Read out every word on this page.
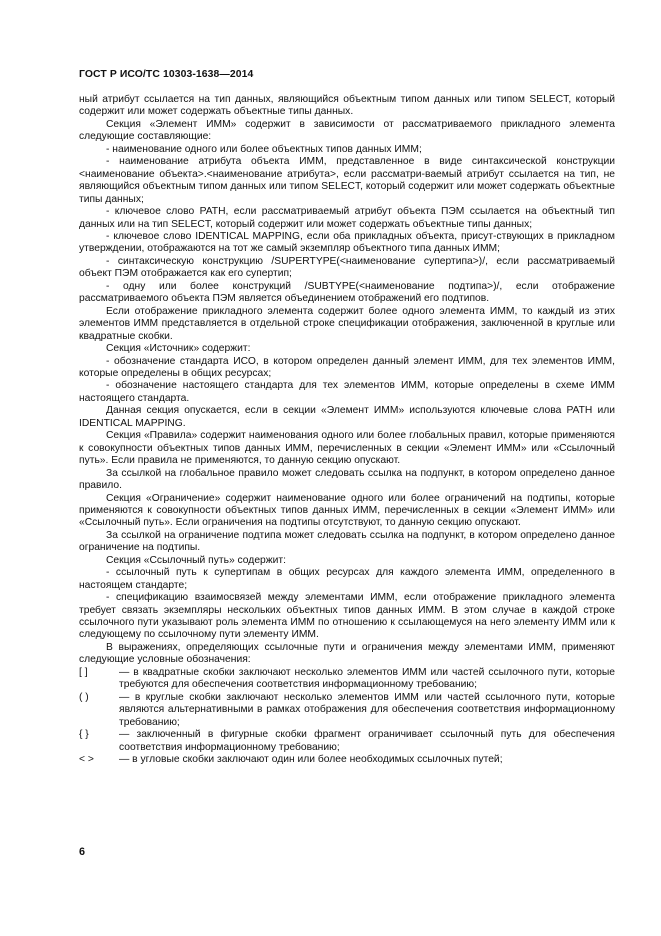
ГОСТ Р ИСО/ТС 10303-1638—2014

ный атрибут ссылается на тип данных, являющийся объектным типом данных или типом SELECT, который содержит или может содержать объектные типы данных.

Секция «Элемент ИММ» содержит в зависимости от рассматриваемого прикладного элемента следующие составляющие:

- наименование одного или более объектных типов данных ИММ;

- наименование атрибута объекта ИММ, представленное в виде синтаксической конструкции <наименование объекта>.<наименование атрибута>, если рассматри-ваемый атрибут ссылается на тип, не являющийся объектным типом данных или типом SELECT, который содержит или может содержать объектные типы данных;

- ключевое слово PATH, если рассматриваемый атрибут объекта ПЭМ ссылается на объектный тип данных или на тип SELECT, который содержит или может содержать объектные типы данных;

- ключевое слово IDENTICAL MAPPING, если оба прикладных объекта, присут-ствующих в прикладном утверждении, отображаются на тот же самый экземпляр объектного типа данных ИММ;

- синтаксическую конструкцию /SUPERTYPE(<наименование супертипа>)/, если рассматриваемый объект ПЭМ отображается как его супертип;

- одну или более конструкций /SUBTYPE(<наименование подтипа>)/, если отображение рассматриваемого объекта ПЭМ является объединением отображений его подтипов.

Если отображение прикладного элемента содержит более одного элемента ИММ, то каждый из этих элементов ИММ представляется в отдельной строке спецификации отображения, заключенной в круглые или квадратные скобки.

Секция «Источник» содержит:

- обозначение стандарта ИСО, в котором определен данный элемент ИММ, для тех элементов ИММ, которые определены в общих ресурсах;

- обозначение настоящего стандарта для тех элементов ИММ, которые определены в схеме ИММ настоящего стандарта.

Данная секция опускается, если в секции «Элемент ИММ» используются ключевые слова PATH или IDENTICAL MAPPING.

Секция «Правила» содержит наименования одного или более глобальных правил, которые применяются к совокупности объектных типов данных ИММ, перечисленных в секции «Элемент ИММ» или «Ссылочный путь». Если правила не применяются, то данную секцию опускают.

За ссылкой на глобальное правило может следовать ссылка на подпункт, в котором определено данное правило.

Секция «Ограничение» содержит наименование одного или более ограничений на подтипы, которые применяются к совокупности объектных типов данных ИММ, перечисленных в секции «Элемент ИММ» или «Ссылочный путь». Если ограничения на подтипы отсутствуют, то данную секцию опускают.

За ссылкой на ограничение подтипа может следовать ссылка на подпункт, в котором определено данное ограничение на подтипы.

Секция «Ссылочный путь» содержит:

- ссылочный путь к супертипам в общих ресурсах для каждого элемента ИММ, определенного в настоящем стандарте;

- спецификацию взаимосвязей между элементами ИММ, если отображение прикладного элемента требует связать экземпляры нескольких объектных типов данных ИММ. В этом случае в каждой строке ссылочного пути указывают роль элемента ИММ по отношению к ссылающемуся на него элементу ИММ или к следующему по ссылочному пути элементу ИММ.

В выражениях, определяющих ссылочные пути и ограничения между элементами ИММ, применяют следующие условные обозначения:

[ ]	— в квадратные скобки заключают несколько элементов ИММ или частей ссылочного пути, которые требуются для обеспечения соответствия информационному требованию;
( )	— в круглые скобки заключают несколько элементов ИММ или частей ссылочного пути, которые являются альтернативными в рамках отображения для обеспечения соответствия информационному требованию;
{ }	— заключенный в фигурные скобки фрагмент ограничивает ссылочный путь для обеспечения соответствия информационному требованию;
< >	— в угловые скобки заключают один или более необходимых ссылочных путей;
6
